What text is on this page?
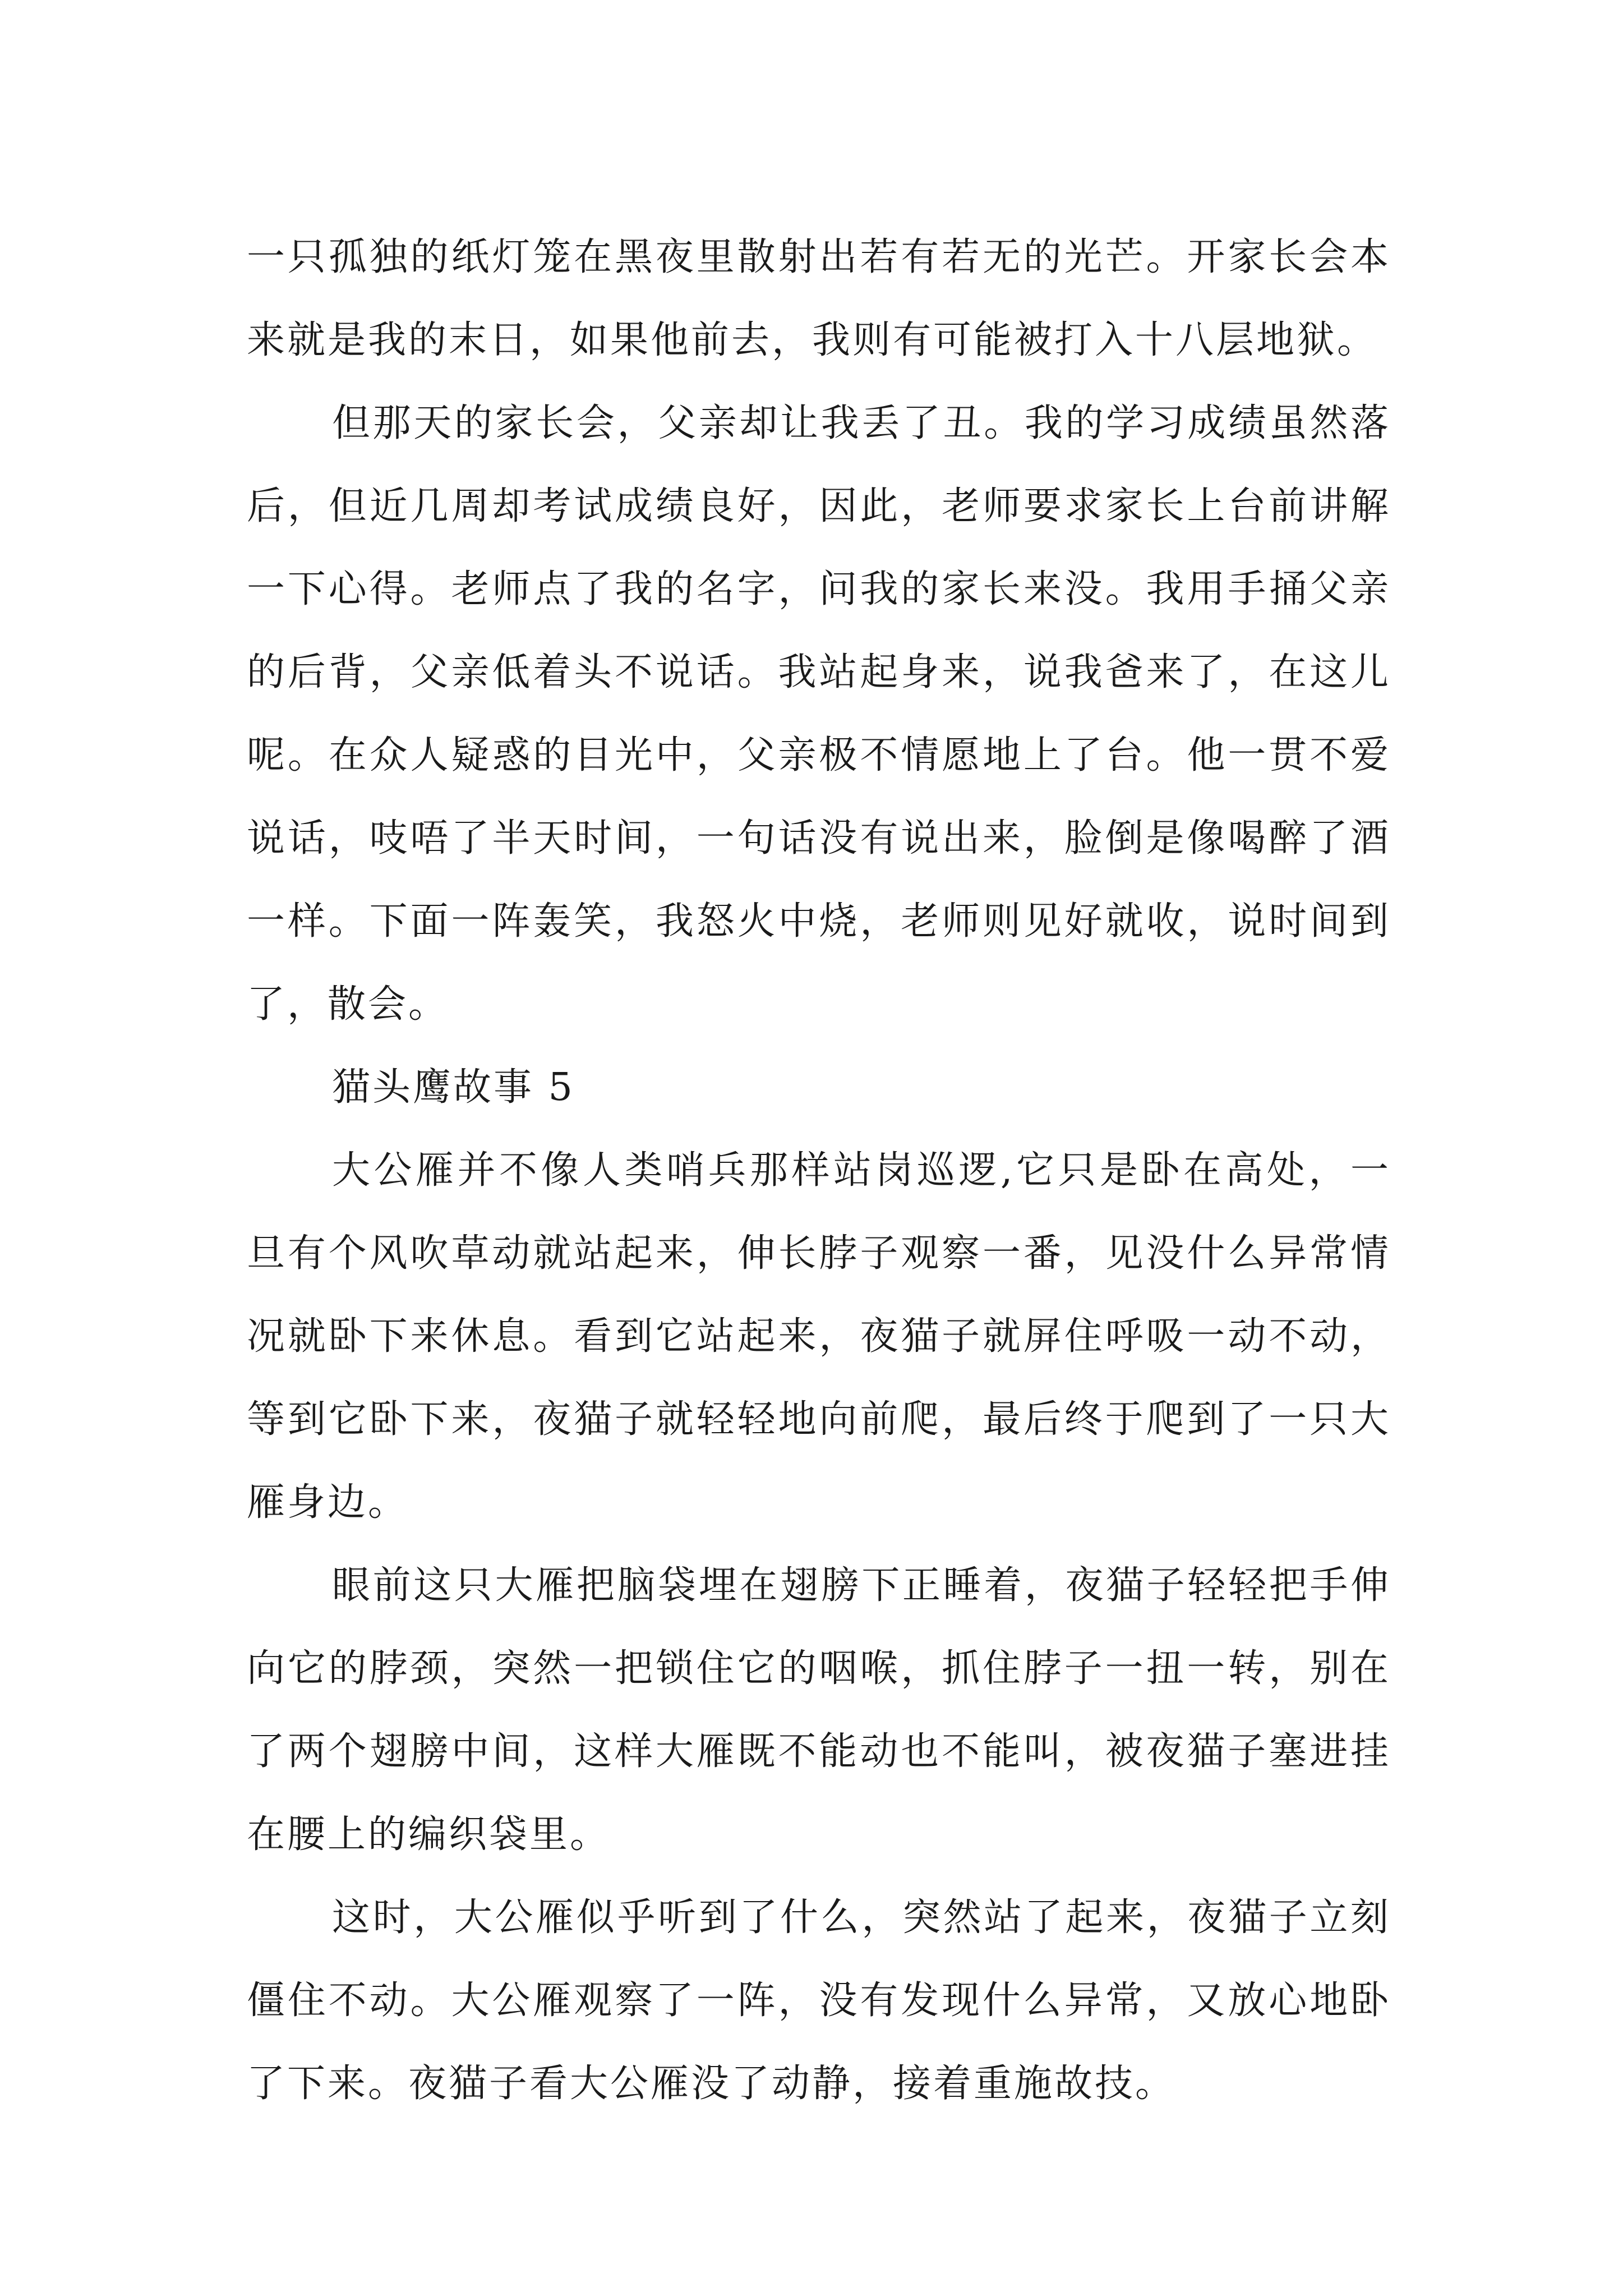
一只孤独的纸灯笼在黑夜里散射出若有若无的光芒。开家长会本来就是我的末日，如果他前去，我则有可能被打入十八层地狱。

但那天的家长会，父亲却让我丢了丑。我的学习成绩虽然落后，但近几周却考试成绩良好，因此，老师要求家长上台前讲解一下心得。老师点了我的名字，问我的家长来没。我用手捅父亲的后背，父亲低着头不说话。我站起身来，说我爸来了，在这儿呢。在众人疑惑的目光中，父亲极不情愿地上了台。他一贯不爱说话，吱唔了半天时间，一句话没有说出来，脸倒是像喝醉了酒一样。下面一阵轰笑，我怒火中烧，老师则见好就收，说时间到了，散会。

猫头鹰故事 5

大公雁并不像人类哨兵那样站岗巡逻,它只是卧在高处，一旦有个风吹草动就站起来，伸长脖子观察一番，见没什么异常情况就卧下来休息。看到它站起来，夜猫子就屏住呼吸一动不动，等到它卧下来，夜猫子就轻轻地向前爬，最后终于爬到了一只大雁身边。

眼前这只大雁把脑袋埋在翅膀下正睡着，夜猫子轻轻把手伸向它的脖颈，突然一把锁住它的咽喉，抓住脖子一扭一转，别在了两个翅膀中间，这样大雁既不能动也不能叫，被夜猫子塞进挂在腰上的编织袋里。

这时，大公雁似乎听到了什么，突然站了起来，夜猫子立刻僵住不动。大公雁观察了一阵，没有发现什么异常，又放心地卧了下来。夜猫子看大公雁没了动静，接着重施故技。
